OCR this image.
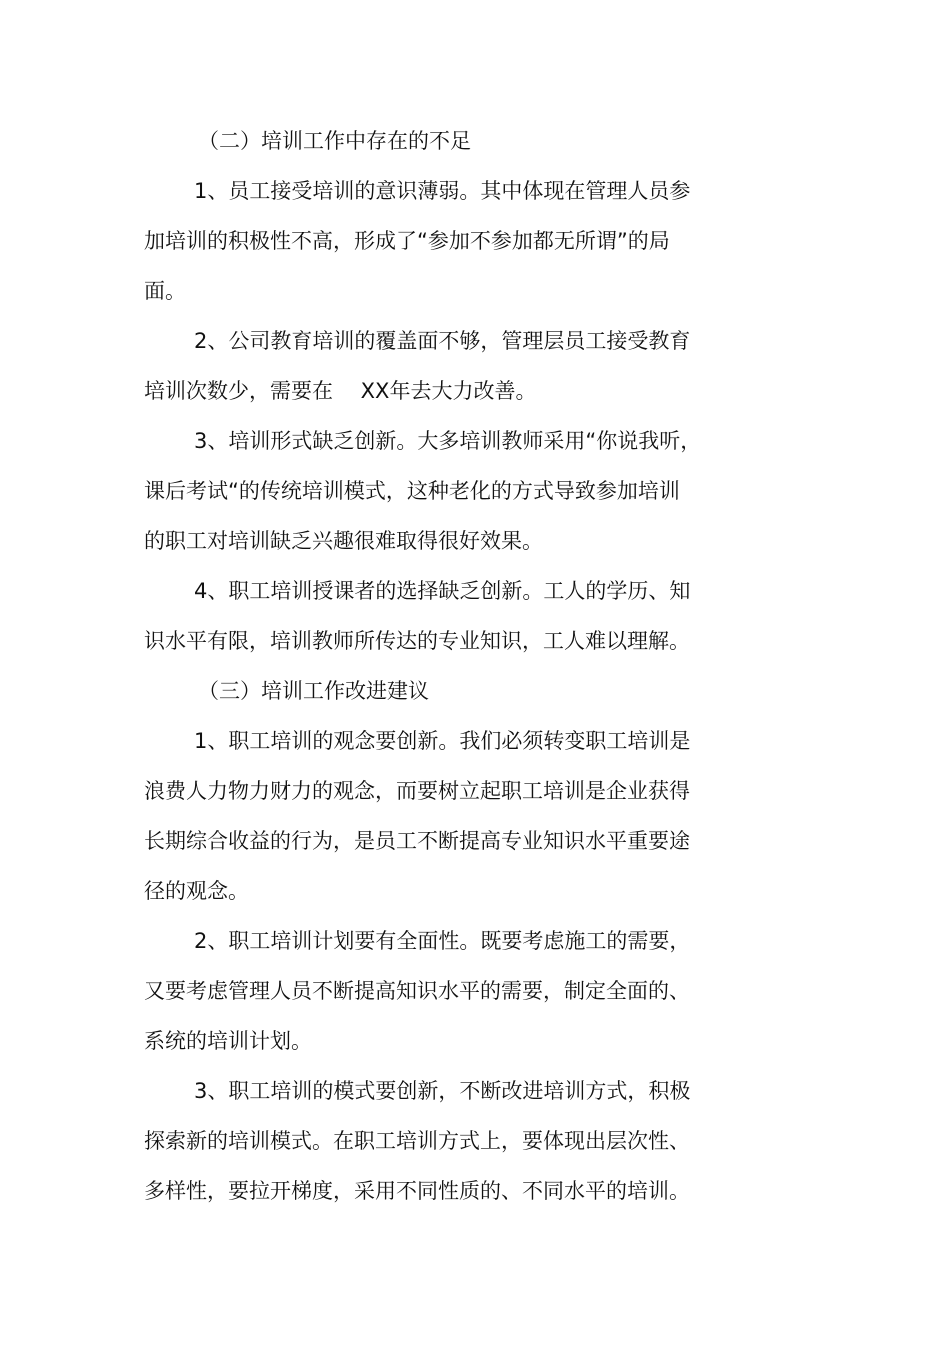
（二）培训工作中存在的不足

1、员工接受培训的意识薄弱。其中体现在管理人员参
加培训的积极性不高，形成了“参加不参加都无所谓”的局
面。
2、公司教育培训的覆盖面不够，管理层员工接受教育
培训次数少，需要在　 XX年去大力改善。
3、培训形式缺乏创新。大多培训教师采用“你说我听，
课后考试“的传统培训模式，这种老化的方式导致参加培训
的职工对培训缺乏兴趣很难取得很好效果。
4、职工培训授课者的选择缺乏创新。工人的学历、知
识水平有限，培训教师所传达的专业知识，工人难以理解。

（三）培训工作改进建议

1、职工培训的观念要创新。我们必须转变职工培训是
浪费人力物力财力的观念，而要树立起职工培训是企业获得
长期综合收益的行为，是员工不断提高专业知识水平重要途
径的观念。
2、职工培训计划要有全面性。既要考虑施工的需要，
又要考虑管理人员不断提高知识水平的需要，制定全面的、
系统的培训计划。
3、职工培训的模式要创新，不断改进培训方式，积极
探索新的培训模式。在职工培训方式上，要体现出层次性、
多样性，要拉开梯度，采用不同性质的、不同水平的培训。
